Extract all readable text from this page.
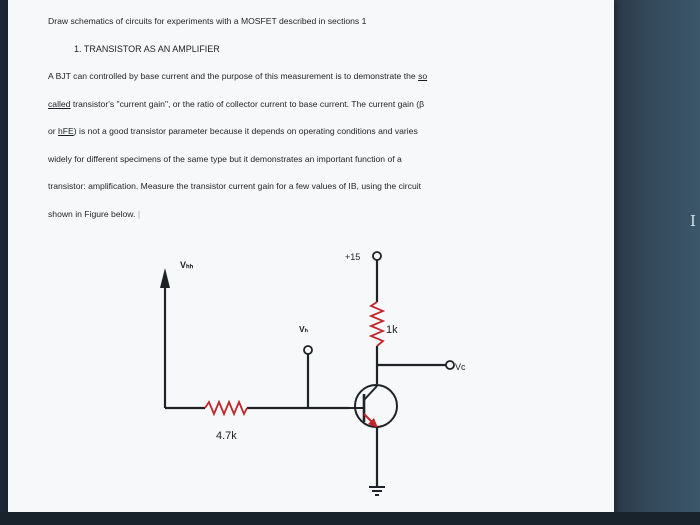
I
Draw schematics of circuits for experiments with a MOSFET described in sections 1
1. TRANSISTOR AS AN AMPLIFIER
A BJT can controlled by base current and the purpose of this measurement is to demonstrate the so
called transistor's "current gain", or the ratio of collector current to base current. The current gain (β
or hFE) is not a good transistor parameter because it depends on operating conditions and varies
widely for different specimens of the same type but it demonstrates an important function of a
transistor: amplification. Measure the transistor current gain for a few values of IB, using the circuit
shown in Figure below. |
Vₕₕ
4.7k
Vₕ
+15
1k
Vc
